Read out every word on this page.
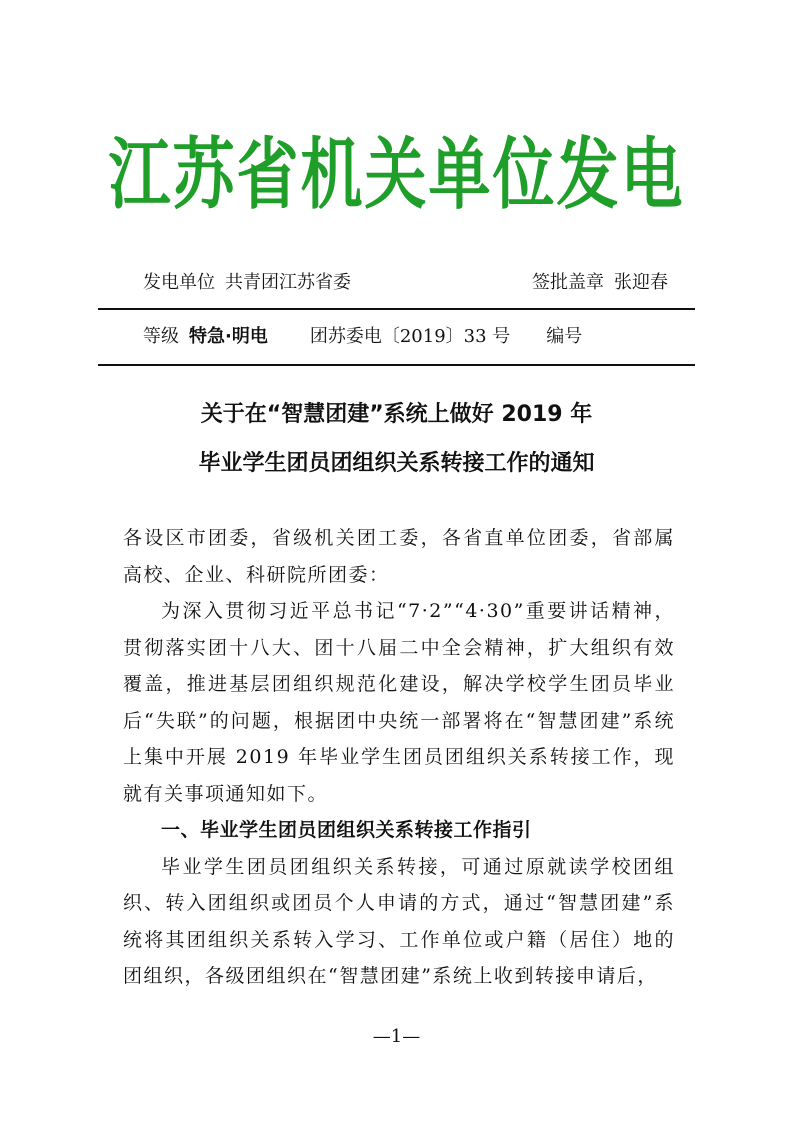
江苏省机关单位发电
发电单位 共青团江苏省委	签批盖章 张迎春
等级 特急·明电 团苏委电〔2019〕33 号 编号
关于在“智慧团建”系统上做好 2019 年
毕业学生团员团组织关系转接工作的通知

各设区市团委，省级机关团工委，各省直单位团委，省部属高校、企业、科研院所团委：

为深入贯彻习近平总书记“7·2”“4·30”重要讲话精神，贯彻落实团十八大、团十八届二中全会精神，扩大组织有效覆盖，推进基层团组织规范化建设，解决学校学生团员毕业后“失联”的问题，根据团中央统一部署将在“智慧团建”系统上集中开展 2019 年毕业学生团员团组织关系转接工作，现就有关事项通知如下。

一、毕业学生团员团组织关系转接工作指引

毕业学生团员团组织关系转接，可通过原就读学校团组织、转入团组织或团员个人申请的方式，通过“智慧团建”系统将其团组织关系转入学习、工作单位或户籍（居住）地的团组织，各级团组织在“智慧团建”系统上收到转接申请后，

—1—
